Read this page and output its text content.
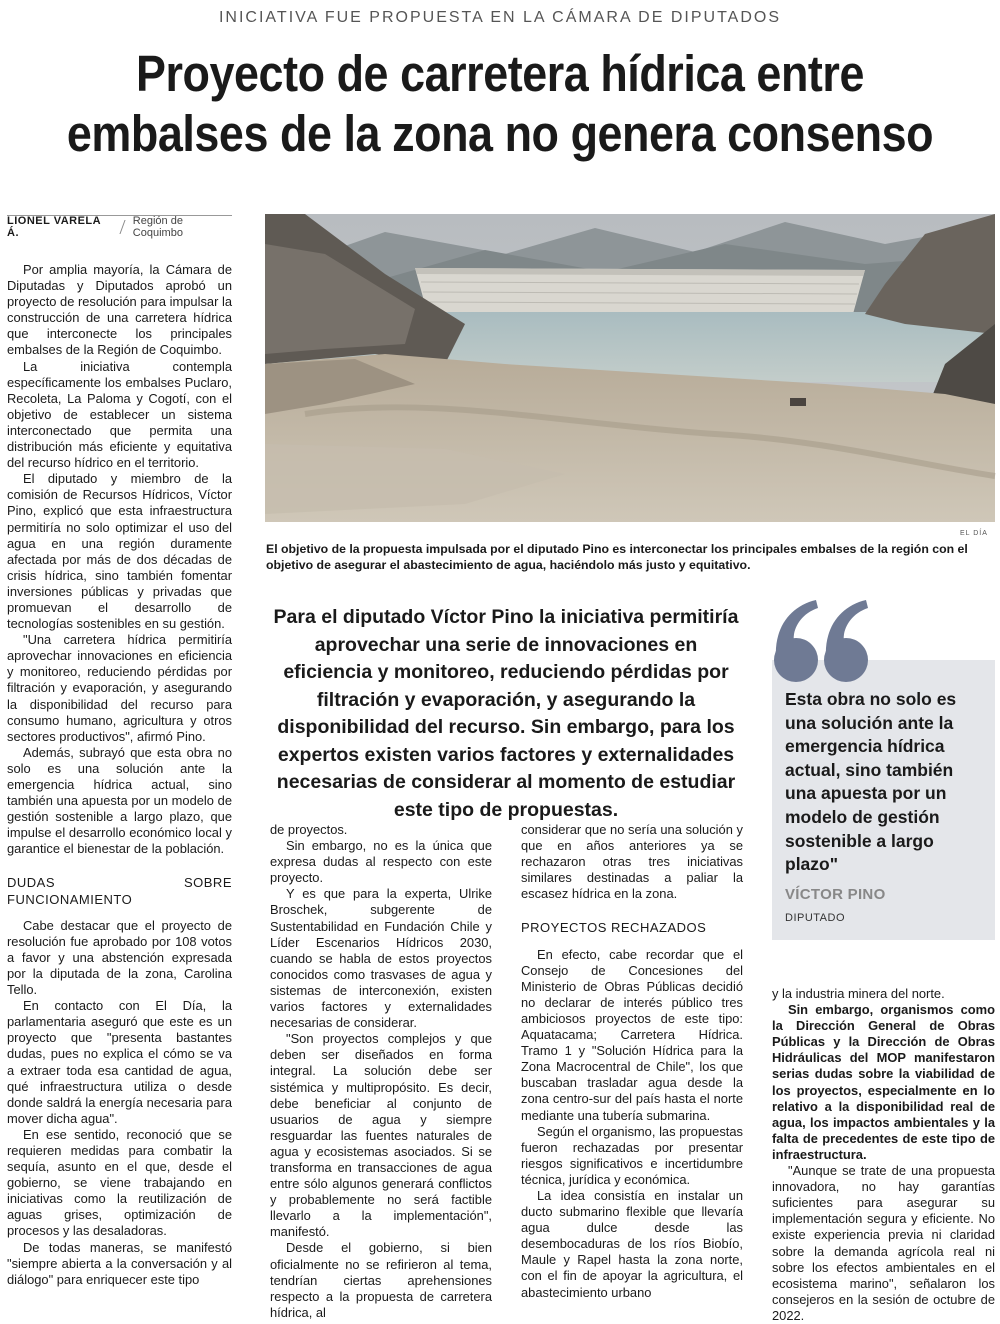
INICIATIVA FUE PROPUESTA EN LA CÁMARA DE DIPUTADOS
Proyecto de carretera hídrica entre
embalses de la zona no genera consenso
LIONEL VARELA Á.
Región de Coquimbo

Por amplia mayoría, la Cámara de Diputadas y Diputados aprobó un proyecto de resolución para impulsar la construcción de una carretera hídrica que interconecte los principales embalses de la Región de Coquimbo.

La iniciativa contempla específicamente los embalses Puclaro, Recoleta, La Paloma y Cogotí, con el objetivo de establecer un sistema interconectado que permita una distribución más eficiente y equitativa del recurso hídrico en el territorio.

El diputado y miembro de la comisión de Recursos Hídricos, Víctor Pino, explicó que esta infraestructura permitiría no solo optimizar el uso del agua en una región duramente afectada por más de dos décadas de crisis hídrica, sino también fomentar inversiones públicas y privadas que promuevan el desarrollo de tecnologías sostenibles en su gestión.

"Una carretera hídrica permitiría aprovechar innovaciones en eficiencia y monitoreo, reduciendo pérdidas por filtración y evaporación, y asegurando la disponibilidad del recurso para consumo humano, agricultura y otros sectores productivos", afirmó Pino.

Además, subrayó que esta obra no solo es una solución ante la emergencia hídrica actual, sino también una apuesta por un modelo de gestión sostenible a largo plazo, que impulse el desarrollo económico local y garantice el bienestar de la población.

DUDAS SOBRE FUNCIONAMIENTO

Cabe destacar que el proyecto de resolución fue aprobado por 108 votos a favor y una abstención expresada por la diputada de la zona, Carolina Tello.

En contacto con El Día, la parlamentaria aseguró que este es un proyecto que "presenta bastantes dudas, pues no explica el cómo se va a extraer toda esa cantidad de agua, qué infraestructura utiliza o desde donde saldrá la energía necesaria para mover dicha agua".

En ese sentido, reconoció que se requieren medidas para combatir la sequía, asunto en el que, desde el gobierno, se viene trabajando en iniciativas como la reutilización de aguas grises, optimización de procesos y las desaladoras.

De todas maneras, se manifestó "siempre abierta a la conversación y al diálogo" para enriquecer este tipo

EL DÍA
El objetivo de la propuesta impulsada por el diputado Pino es interconectar los principales embalses de la región con el objetivo de asegurar el abastecimiento de agua, haciéndolo más justo y equitativo.
Para el diputado Víctor Pino la iniciativa permitiría aprovechar una serie de innovaciones en eficiencia y monitoreo, reduciendo pérdidas por filtración y evaporación, y asegurando la disponibilidad del recurso. Sin embargo, para los expertos existen varios factores y externalidades necesarias de considerar al momento de estudiar este tipo de propuestas.
Esta obra no solo es una solución ante la emergencia hídrica actual, sino también una apuesta por un modelo de gestión sostenible a largo plazo"
VÍCTOR PINO
DIPUTADO

de proyectos.

Sin embargo, no es la única que expresa dudas al respecto con este proyecto.

Y es que para la experta, Ulrike Broschek, subgerente de Sustentabilidad en Fundación Chile y Líder Escenarios Hídricos 2030, cuando se habla de estos proyectos conocidos como trasvases de agua y sistemas de interconexión, existen varios factores y externalidades necesarias de considerar.

"Son proyectos complejos y que deben ser diseñados en forma integral. La solución debe ser sistémica y multipropósito. Es decir, debe beneficiar al conjunto de usuarios de agua y siempre resguardar las fuentes naturales de agua y ecosistemas asociados. Si se transforma en transacciones de agua entre sólo algunos generará conflictos y probablemente no será factible llevarlo a la implementación", manifestó.

Desde el gobierno, si bien oficialmente no se refirieron al tema, tendrían ciertas aprehensiones respecto a la propuesta de carretera hídrica, al

considerar que no sería una solución y que en años anteriores ya se rechazaron otras tres iniciativas similares destinadas a paliar la escasez hídrica en la zona.

PROYECTOS RECHAZADOS

En efecto, cabe recordar que el Consejo de Concesiones del Ministerio de Obras Públicas decidió no declarar de interés público tres ambiciosos proyectos de este tipo: Aquatacama; Carretera Hídrica. Tramo 1 y "Solución Hídrica para la Zona Macrocentral de Chile", los que buscaban trasladar agua desde la zona centro-sur del país hasta el norte mediante una tubería submarina.

Según el organismo, las propuestas fueron rechazadas por presentar riesgos significativos e incertidumbre técnica, jurídica y económica.

La idea consistía en instalar un ducto submarino flexible que llevaría agua dulce desde las desembocaduras de los ríos Biobío, Maule y Rapel hasta la zona norte, con el fin de apoyar la agricultura, el abastecimiento urbano

y la industria minera del norte.

Sin embargo, organismos como la Dirección General de Obras Públicas y la Dirección de Obras Hidráulicas del MOP manifestaron serias dudas sobre la viabilidad de los proyectos, especialmente en lo relativo a la disponibilidad real de agua, los impactos ambientales y la falta de precedentes de este tipo de infraestructura.

"Aunque se trate de una propuesta innovadora, no hay garantías suficientes para asegurar su implementación segura y eficiente. No existe experiencia previa ni claridad sobre la demanda agrícola real ni sobre los efectos ambientales en el ecosistema marino", señalaron los consejeros en la sesión de octubre de 2022.
